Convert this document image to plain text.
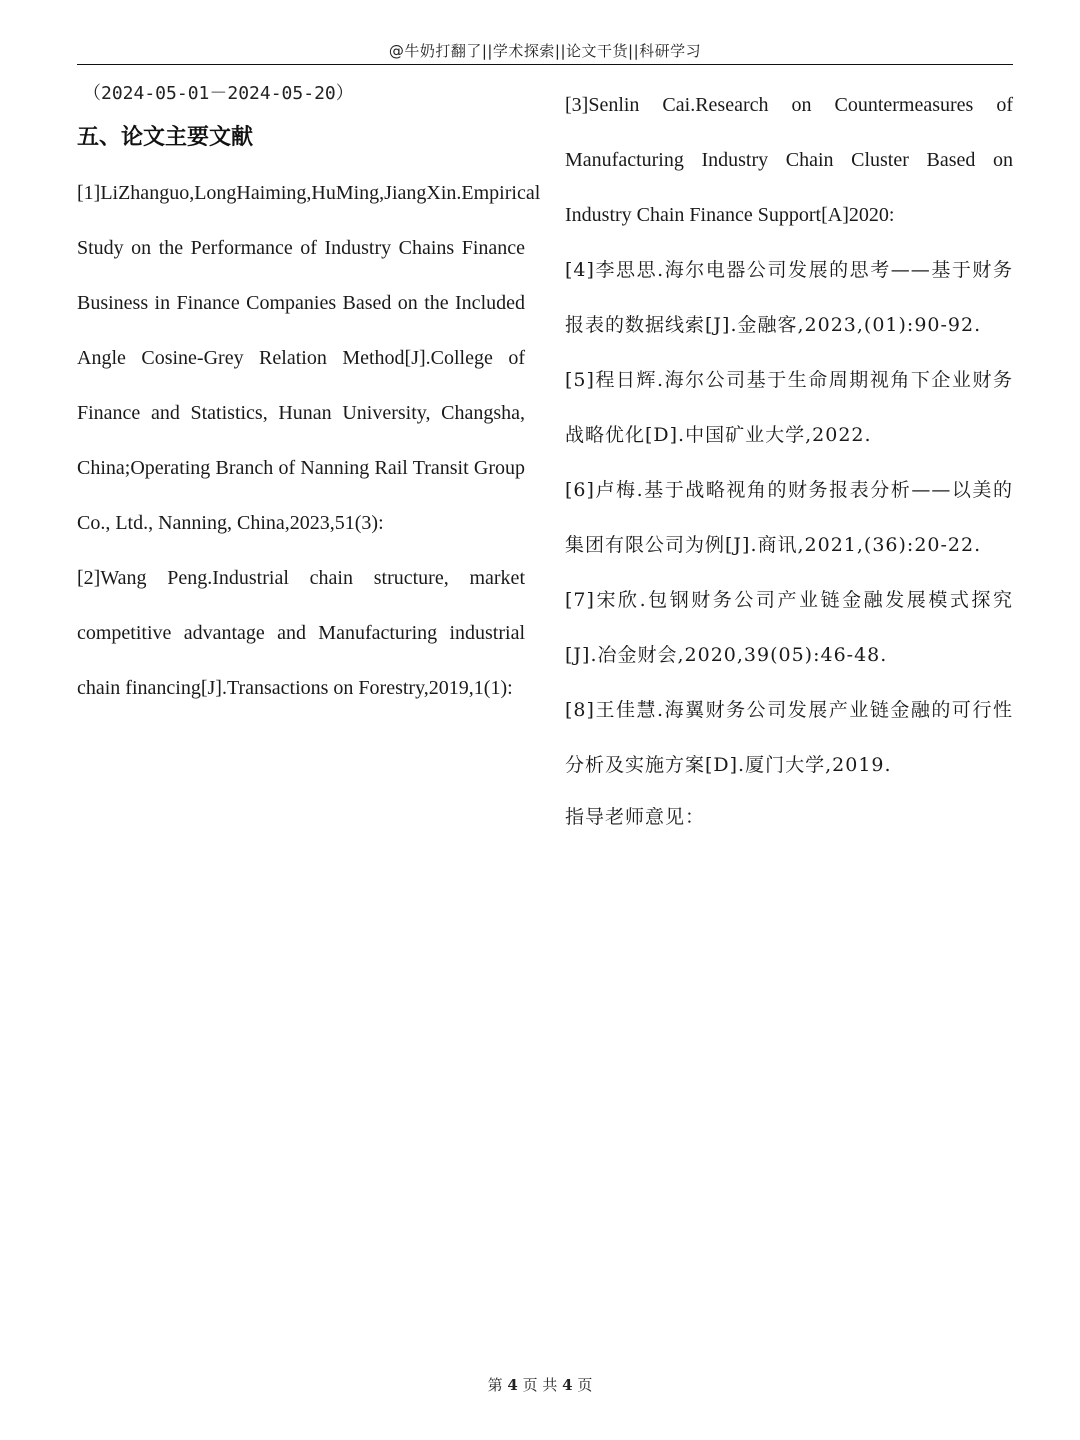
@牛奶打翻了||学术探索||论文干货||科研学习

（2024-05-01－2024-05-20）

五、论文主要文献

[1]LiZhanguo,LongHaiming,HuMing,JiangXin.Empirical Study on the Performance of Industry Chains Finance Business in Finance Companies Based on the Included Angle Cosine-Grey Relation Method[J].College of Finance and Statistics, Hunan University, Changsha, China;Operating Branch of Nanning Rail Transit Group Co., Ltd., Nanning, China,2023,51(3):

[2]Wang Peng.Industrial chain structure, market competitive advantage and Manufacturing industrial chain financing[J].Transactions on Forestry,2019,1(1):

[3]Senlin Cai.Research on Countermeasures of Manufacturing Industry Chain Cluster Based on Industry Chain Finance Support[A]2020:

[4]李思思.海尔电器公司发展的思考——基于财务报表的数据线索[J].金融客,2023,(01):90-92.

[5]程日辉.海尔公司基于生命周期视角下企业财务战略优化[D].中国矿业大学,2022.

[6]卢梅.基于战略视角的财务报表分析——以美的集团有限公司为例[J].商讯,2021,(36):20-22.

[7]宋欣.包钢财务公司产业链金融发展模式探究[J].冶金财会,2020,39(05):46-48.

[8]王佳慧.海翼财务公司发展产业链金融的可行性分析及实施方案[D].厦门大学,2019.

指导老师意见：

第 4 页 共 4 页
